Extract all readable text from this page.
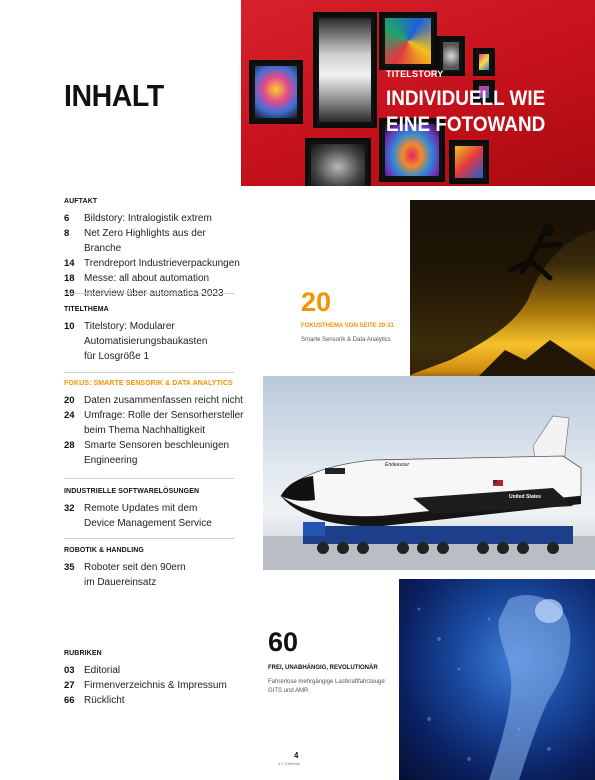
INHALT
AUFTAKT
6	Bildstory: Intralogistik extrem
8	Net Zero Highlights aus der Branche
14 Trendreport Industrieverpackungen
18 Messe: all about automation
TITELTHEMA
10 Titelstory: Modularer
Automatisierungsbaukasten
für Losgröße 1
FOKUS: SMARTE SENSORIK & DATA ANALYTICS
20 Daten zusammenfassen reicht nicht
24 Umfrage: Rolle der Sensorhersteller
beim Thema Nachhaltigkeit
28 Smarte Sensoren beschleunigen
Engineering
INDUSTRIELLE SOFTWARELÖSUNGEN
32 Remote Updates mit dem
Device Management Service
ROBOTIK & HANDLING
35 Roboter seit den 90ern
im Dauereinsatz
RUBRIKEN
03 Editorial
27 Firmenverzeichnis & Impressum
66 Rücklicht
TITELSTORY
INDIVIDUELL WIE
EINE FOTOWAND
20
FOKUSTHEMA VON SEITE 20-31
Smarte Sensorik & Data Analytics
Endeavour
United States
60
FREI, UNABHÄNGIG, REVOLUTIONÄR
Fahrerlose mehrgängige Lastkraftfahrzeuge: GITS und AMR
4
4.2 Getriebe
